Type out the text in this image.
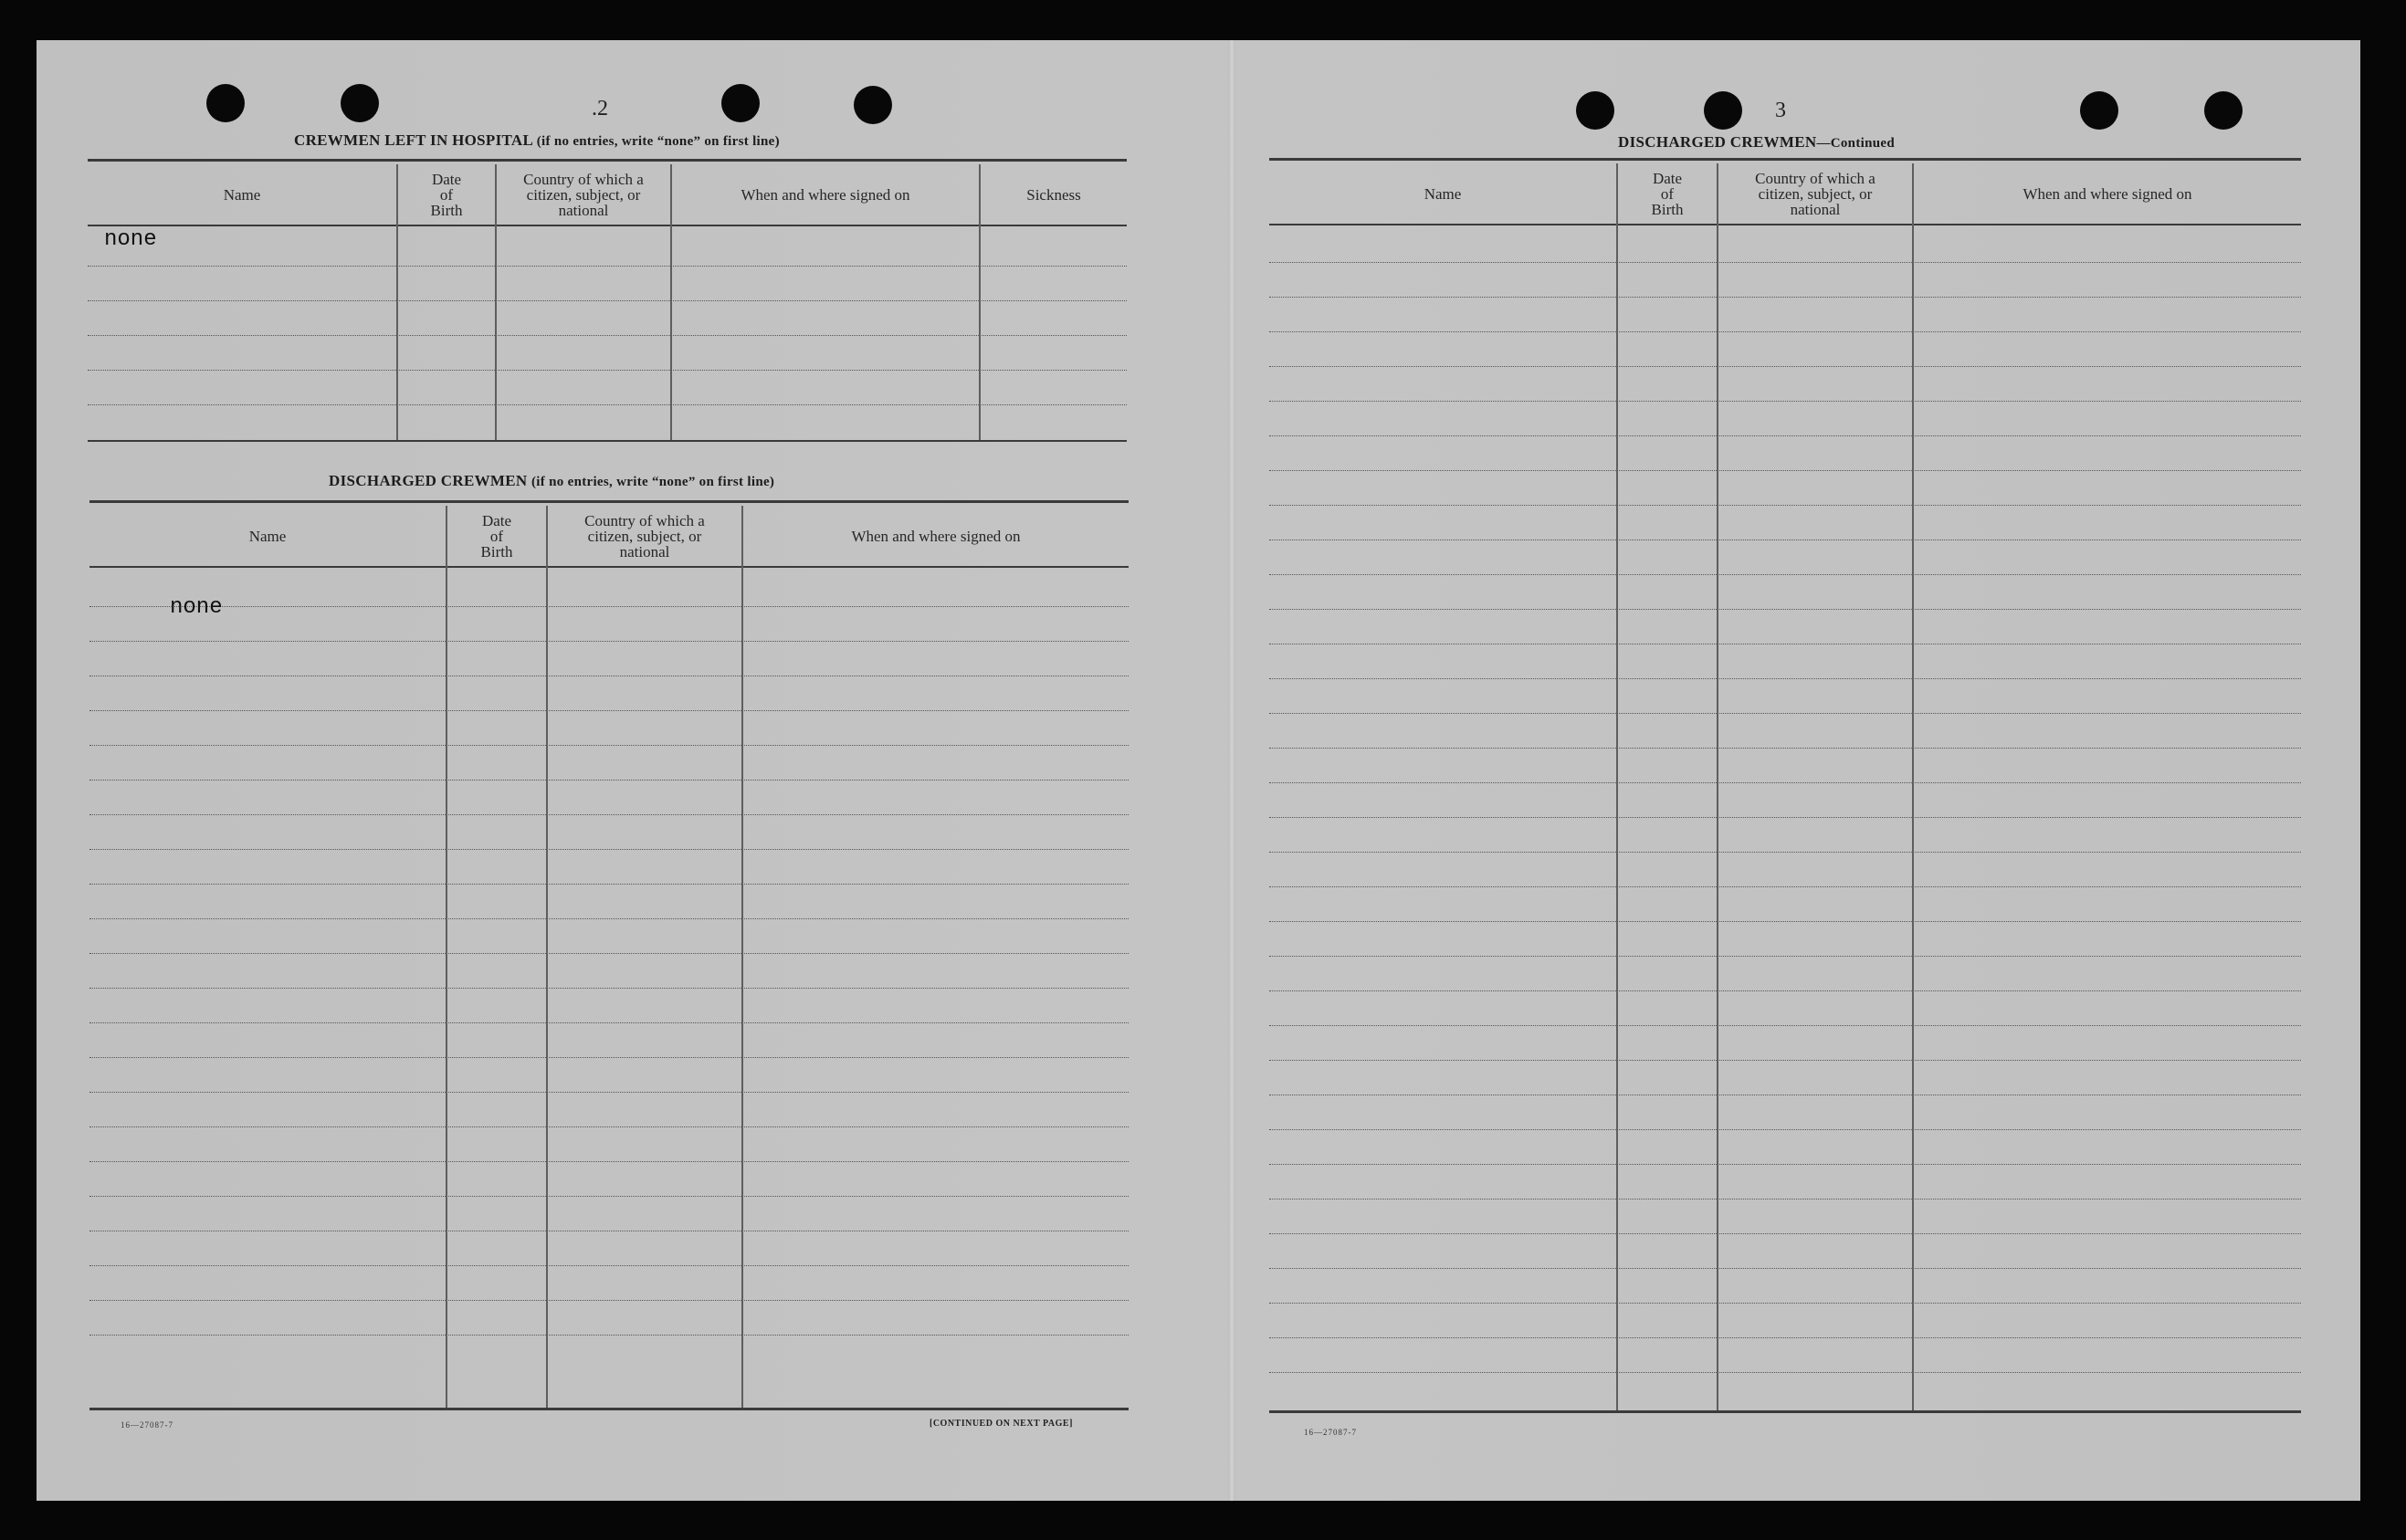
.2
CREWMEN LEFT IN HOSPITAL (if no entries, write “none” on first line)
Name
Date
of
Birth
Country of which a
citizen, subject, or
national
When and where signed on	Sickness
none
DISCHARGED CREWMEN (if no entries, write “none” on first line)
Name
Date
of
Birth
Country of which a
citizen, subject, or
national
When and where signed on
none
16—27087-7	[CONTINUED ON NEXT PAGE]
3
DISCHARGED CREWMEN—Continued
Name
Date
of
Birth
Country of which a
citizen, subject, or
national
When and where signed on
16—27087-7
